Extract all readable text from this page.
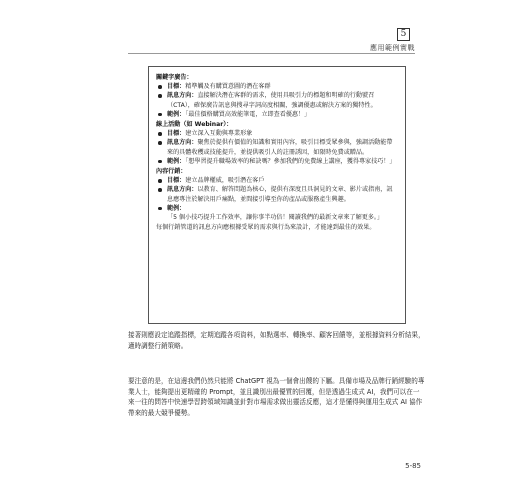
5
應用範例實戰
關鍵字廣告：
目標：精準觸及有購買意圖的潛在客群
訊息方向：直接解決潛在客群的需求，使用具吸引力的標題和明確的行動號召（CTA），確保廣告訊息與搜尋字詞高度相關，強調優惠或解決方案的獨特性。
範例：「最佳價格購買高效能筆電，立即查看優惠！」
線上活動（如 Webinar）：
目標：建立深入互動與專業形象
訊息方向：聚焦於提供有價值的知識和實用內容，吸引目標受眾參與，強調活動能帶來的具體收穫或技能提升，並提供吸引人的註冊誘因，如限時免費或贈品。
範例：「想學習提升職場效率的秘訣嗎？參加我們的免費線上講座，獲得專家技巧！」
內容行銷：
目標：建立品牌權威，吸引潛在客戶
訊息方向：以教育、解答問題為核心，提供有深度且具洞見的文章、影片或指南，訊息應專注於解決用戶痛點，並間接引導至你的產品或服務產生興趣。
範例：「5 個小技巧提升工作效率，讓你事半功倍！閱讀我們的最新文章來了解更多。」
每個行銷管道的訊息方向應根據受眾的需求與行為來設計，才能達到最佳的效果。

接著則應設定追蹤指標，定期追蹤各項資料，如點選率、轉換率、顧客回饋等，並根據資料分析結果，適時調整行銷策略。

要注意的是，在這邊我們仍然只能將 ChatGPT 視為一個會出餿的下屬。具備市場及品牌行銷經驗的專業人士，能夠提出更精確的 Prompt，並且識別出最優質的回覆，但是透過生成式 AI，我們可以在一來一往的問答中快速學習跨領域知識並針對市場需求做出靈活反應，這才是懂得與運用生成式 AI 協作帶來的最大競爭優勢。

5-85
